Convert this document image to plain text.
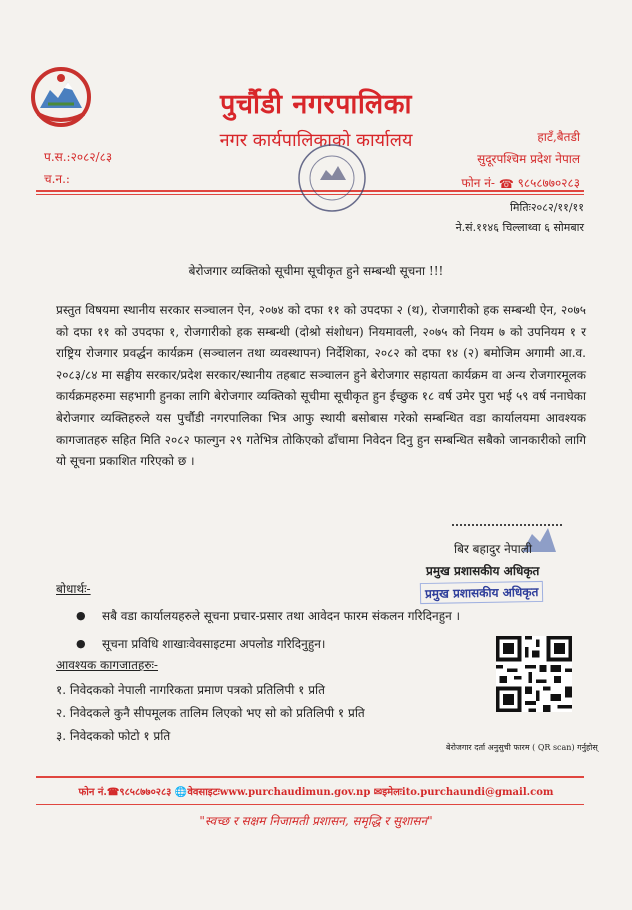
पुर्चौडी नगरपालिका
नगर कार्यपालिकाको कार्यालय
प.स.:२०८२/८३
च.न.:
हाटँ,बैतडी
सुदूरपश्चिम प्रदेश नेपाल
फोन नं- ☎ ९८५८७७०२८३
मितिः२०८२/११/११
ने.सं.११४६ चिल्लाथ्वा ६ सोमबार
बेरोजगार व्यक्तिको सूचीमा सूचीकृत हुने सम्बन्धी सूचना !!!
प्रस्तुत विषयमा स्थानीय सरकार सञ्चालन ऐन, २०७४ को दफा ११ को उपदफा २ (थ), रोजगारीको हक सम्बन्धी ऐन, २०७५ को दफा ११ को उपदफा १, रोजगारीको हक सम्बन्धी (दोश्रो संशोधन) नियमावली, २०७५ को नियम ७ को उपनियम १ र राष्ट्रिय रोजगार प्रवर्द्धन कार्यक्रम (सञ्चालन तथा व्यवस्थापन) निर्देशिका, २०८२ को दफा १४ (२) बमोजिम अगामी आ.व. २०८३/८४ मा सङ्घीय सरकार/प्रदेश सरकार/स्थानीय तहबाट सञ्चालन हुने बेरोजगार सहायता कार्यक्रम वा अन्य रोजगारमूलक कार्यक्रमहरुमा सहभागी हुनका लागि बेरोजगार व्यक्तिको सूचीमा सूचीकृत हुन ईच्छुक १८ वर्ष उमेर पुरा भई ५९ वर्ष ननाघेका बेरोजगार व्यक्तिहरुले यस पुर्चौडी नगरपालिका भित्र आफु स्थायी बसोबास गरेको सम्बन्धित वडा कार्यालयमा आवश्यक कागजातहरु सहित मिति २०८२ फाल्गुन २९ गतेभित्र तोकिएको ढाँचामा निवेदन दिनु हुन सम्बन्धित सबैको जानकारीको लागि यो सूचना प्रकाशित गरिएको छ ।
बिर बहादुर नेपाली
प्रमुख प्रशासकीय अधिकृत
प्रमुख प्रशासकीय अधिकृत
बोधार्थः-
● सबै वडा कार्यालयहरुले सूचना प्रचार-प्रसार तथा आवेदन फारम संकलन गरिदिनहुन ।
● सूचना प्रविधि शाखाःवेवसाइटमा अपलोड गरिदिनुहुन।
आवश्यक कागजातहरुः-
१. निवेदकको नेपाली नागरिकता प्रमाण पत्रको प्रतिलिपी १ प्रति
२. निवेदकले कुनै सीपमूलक तालिम लिएको भए सो को प्रतिलिपी १ प्रति
३. निवेदकको फोटो १ प्रति
बेरोजगार दर्ता अनुसुची फारम ( QR scan) गर्नुहोस्
फोन नं.☎९८५८७७०२८३ 🌐वेवसाइटःwww.purchaudimun.gov.np ✉इमेलःito.purchaundi@gmail.com
"स्वच्छ र सक्षम निजामती प्रशासन, समृद्धि र सुशासन"
